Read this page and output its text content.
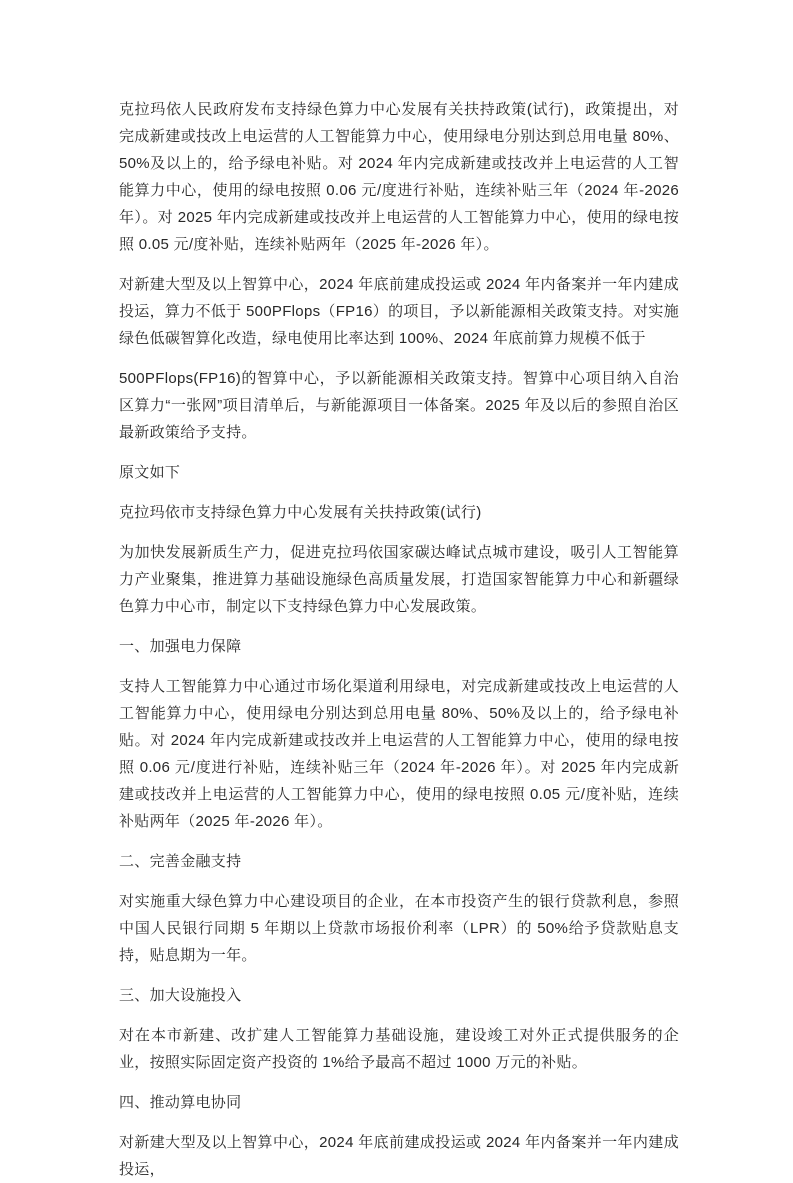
克拉玛依人民政府发布支持绿色算力中心发展有关扶持政策(试行)，政策提出，对完成新建或技改上电运营的人工智能算力中心，使用绿电分别达到总用电量 80%、50%及以上的，给予绿电补贴。对 2024 年内完成新建或技改并上电运营的人工智能算力中心，使用的绿电按照 0.06 元/度进行补贴，连续补贴三年（2024 年-2026 年）。对 2025 年内完成新建或技改并上电运营的人工智能算力中心，使用的绿电按照 0.05 元/度补贴，连续补贴两年（2025 年-2026 年）。

对新建大型及以上智算中心，2024 年底前建成投运或 2024 年内备案并一年内建成投运，算力不低于 500PFlops（FP16）的项目，予以新能源相关政策支持。对实施绿色低碳智算化改造，绿电使用比率达到 100%、2024 年底前算力规模不低于

500PFlops(FP16)的智算中心，予以新能源相关政策支持。智算中心项目纳入自治区算力“一张网”项目清单后，与新能源项目一体备案。2025 年及以后的参照自治区最新政策给予支持。

原文如下

克拉玛依市支持绿色算力中心发展有关扶持政策(试行)

为加快发展新质生产力，促进克拉玛依国家碳达峰试点城市建设，吸引人工智能算力产业聚集，推进算力基础设施绿色高质量发展，打造国家智能算力中心和新疆绿色算力中心市，制定以下支持绿色算力中心发展政策。

一、加强电力保障

支持人工智能算力中心通过市场化渠道利用绿电，对完成新建或技改上电运营的人工智能算力中心，使用绿电分别达到总用电量 80%、50%及以上的，给予绿电补贴。对 2024 年内完成新建或技改并上电运营的人工智能算力中心，使用的绿电按照 0.06 元/度进行补贴，连续补贴三年（2024 年-2026 年）。对 2025 年内完成新建或技改并上电运营的人工智能算力中心，使用的绿电按照 0.05 元/度补贴，连续补贴两年（2025 年-2026 年）。

二、完善金融支持

对实施重大绿色算力中心建设项目的企业，在本市投资产生的银行贷款利息，参照中国人民银行同期 5 年期以上贷款市场报价利率（LPR）的 50%给予贷款贴息支持，贴息期为一年。

三、加大设施投入

对在本市新建、改扩建人工智能算力基础设施，建设竣工对外正式提供服务的企业，按照实际固定资产投资的 1%给予最高不超过 1000 万元的补贴。

四、推动算电协同

对新建大型及以上智算中心，2024 年底前建成投运或 2024 年内备案并一年内建成投运，
